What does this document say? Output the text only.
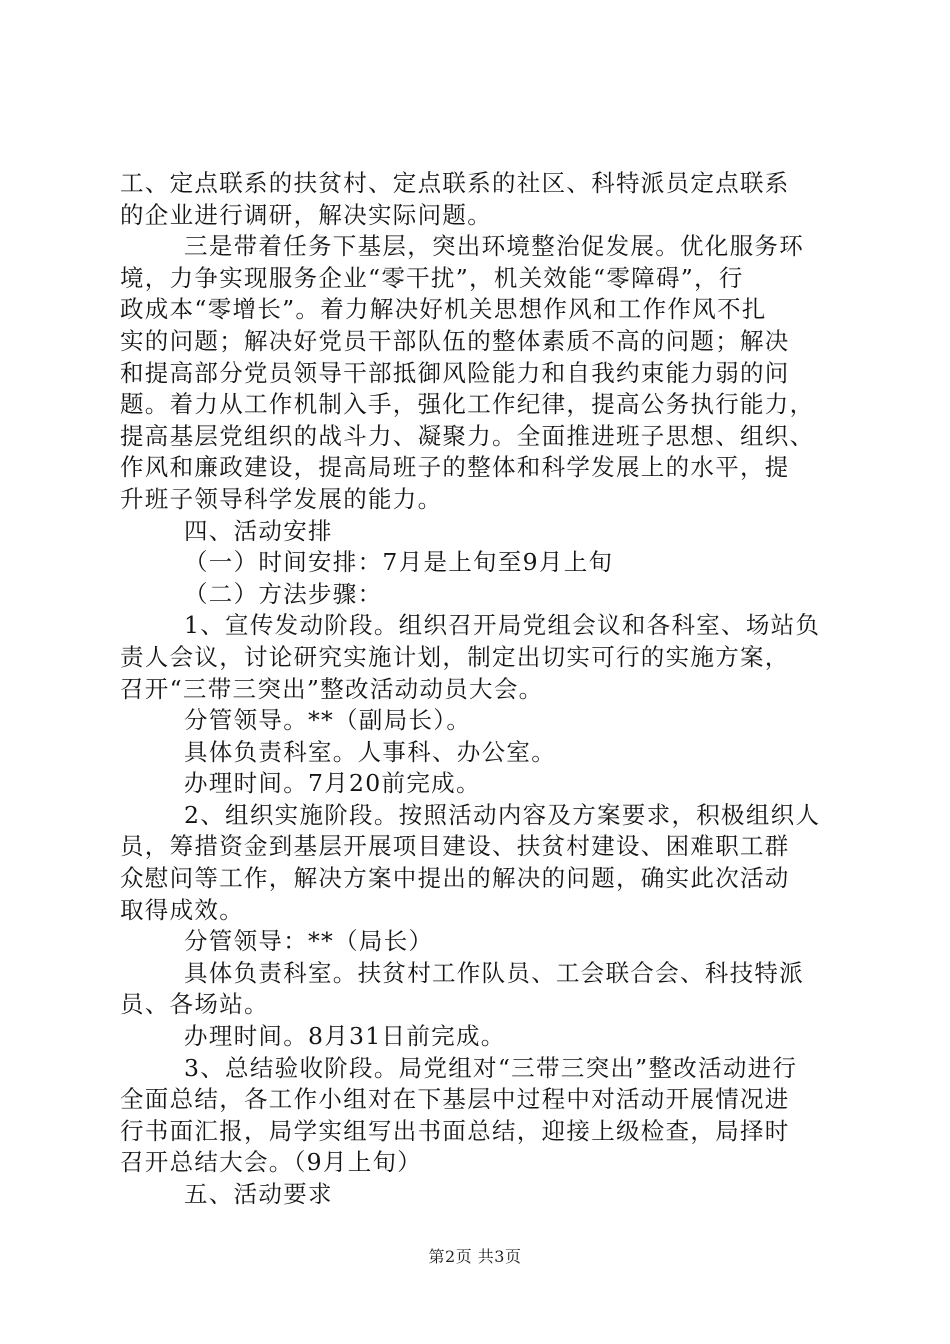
工、定点联系的扶贫村、定点联系的社区、科特派员定点联系
的企业进行调研，解决实际问题。
三是带着任务下基层，突出环境整治促发展。优化服务环
境，力争实现服务企业“零干扰”，机关效能“零障碍”，行
政成本“零增长”。着力解决好机关思想作风和工作作风不扎
实的问题；解决好党员干部队伍的整体素质不高的问题；解决
和提高部分党员领导干部抵御风险能力和自我约束能力弱的问
题。着力从工作机制入手，强化工作纪律，提高公务执行能力，
提高基层党组织的战斗力、凝聚力。全面推进班子思想、组织、
作风和廉政建设，提高局班子的整体和科学发展上的水平，提
升班子领导科学发展的能力。
四、活动安排
（一）时间安排：7月是上旬至9月上旬
（二）方法步骤：
1、宣传发动阶段。组织召开局党组会议和各科室、场站负
责人会议，讨论研究实施计划，制定出切实可行的实施方案，
召开“三带三突出”整改活动动员大会。
分管领导。**（副局长）。
具体负责科室。人事科、办公室。
办理时间。7月20前完成。
2、组织实施阶段。按照活动内容及方案要求，积极组织人
员，筹措资金到基层开展项目建设、扶贫村建设、困难职工群
众慰问等工作，解决方案中提出的解决的问题，确实此次活动
取得成效。
分管领导：**（局长）
具体负责科室。扶贫村工作队员、工会联合会、科技特派
员、各场站。
办理时间。8月31日前完成。
3、总结验收阶段。局党组对“三带三突出”整改活动进行
全面总结，各工作小组对在下基层中过程中对活动开展情况进
行书面汇报，局学实组写出书面总结，迎接上级检查，局择时
召开总结大会。（9月上旬）
五、活动要求
第2页 共3页
